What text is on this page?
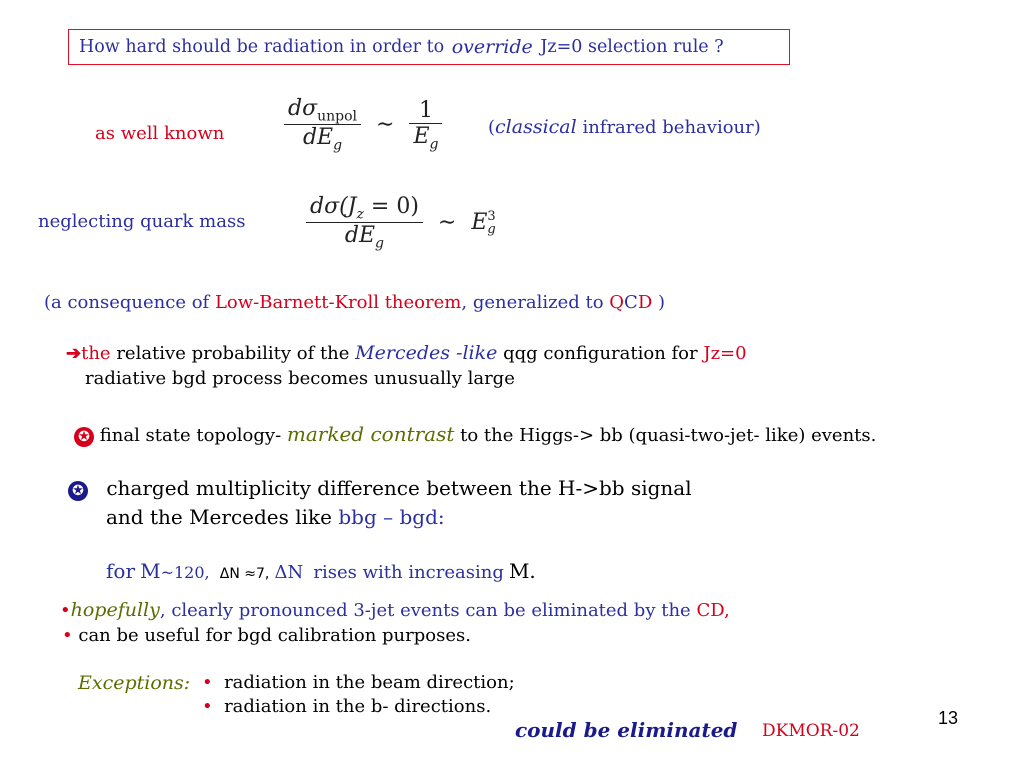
How hard should be radiation in order to
override
Jz=0 selection rule ?
as well known	$\frac{d\sigma_{unpol}}{dE_g}$ ∼ $\frac{1}{E_g}$	(classical infrared behaviour)
neglecting quark mass	$\frac{d\sigma(J_z = 0)}{dE_g}$ ∼ E 3
g
(a consequence of Low-Barnett-Kroll theorem, generalized to QCD )
➔the relative probability of the Mercedes -like qqg configuration for Jz=0
radiative bgd process becomes unusually large
✪ final state topology- marked contrast to the Higgs-> bb (quasi-two-jet- like) events.
✪ charged multiplicity difference between the H->bb signal
and the Mercedes like bbg – bgd:
for M~120, ΔN ≈7, ΔN rises with increasing M.
•hopefully, clearly pronounced 3-jet events can be eliminated by the CD,
• can be useful for bgd calibration purposes.
Exceptions: • radiation in the beam direction;
• radiation in the b- directions.
could be eliminated DKMOR-02
13
